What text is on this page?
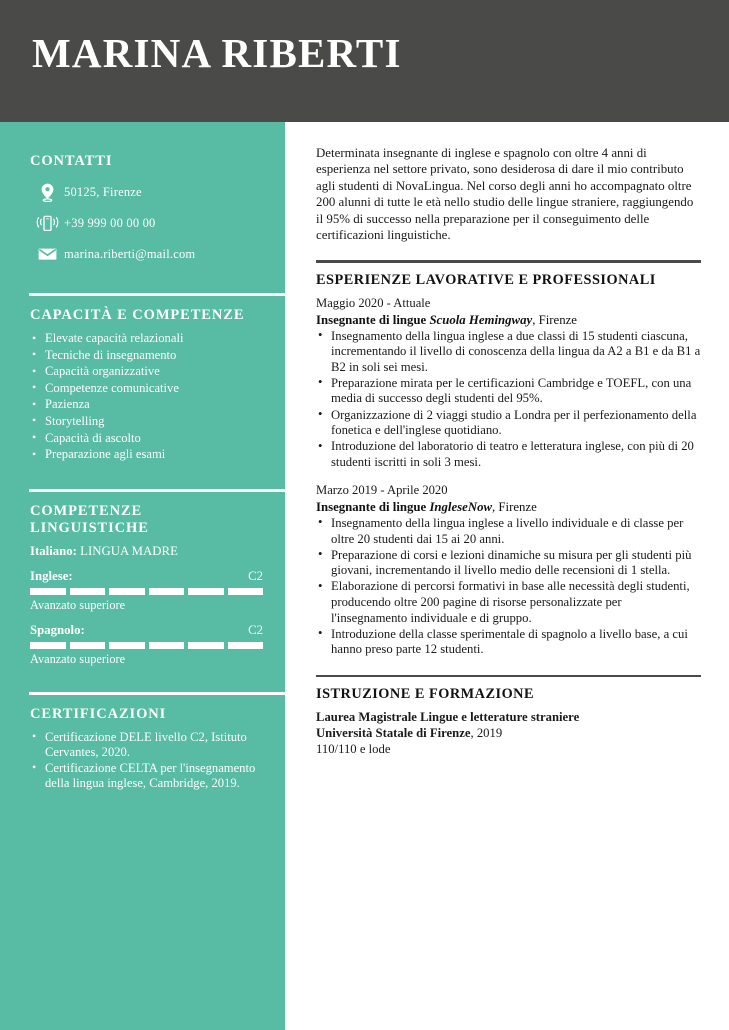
MARINA RIBERTI
CONTATTI
50125, Firenze
+39 999 00 00 00
marina.riberti@mail.com
CAPACITÀ E COMPETENZE
• Elevate capacità relazionali
• Tecniche di insegnamento
• Capacità organizzative
• Competenze comunicative
• Pazienza
• Storytelling
• Capacità di ascolto
• Preparazione agli esami
COMPETENZE LINGUISTICHE
Italiano: LINGUA MADRE
Inglese:	C2
Avanzato superiore
Spagnolo:	C2
Avanzato superiore
CERTIFICAZIONI
• Certificazione DELE livello C2, Istituto Cervantes, 2020.
• Certificazione CELTA per l'insegnamento della lingua inglese, Cambridge, 2019.

Determinata insegnante di inglese e spagnolo con oltre 4 anni di esperienza nel settore privato, sono desiderosa di dare il mio contributo agli studenti di NovaLingua. Nel corso degli anni ho accompagnato oltre 200 alunni di tutte le età nello studio delle lingue straniere, raggiungendo il 95% di successo nella preparazione per il conseguimento delle certificazioni linguistiche.

ESPERIENZE LAVORATIVE E PROFESSIONALI
Maggio 2020 - Attuale
Insegnante di lingue Scuola Hemingway, Firenze
• Insegnamento della lingua inglese a due classi di 15 studenti ciascuna, incrementando il livello di conoscenza della lingua da A2 a B1 e da B1 a B2 in soli sei mesi.
• Preparazione mirata per le certificazioni Cambridge e TOEFL, con una media di successo degli studenti del 95%.
• Organizzazione di 2 viaggi studio a Londra per il perfezionamento della fonetica e dell'inglese quotidiano.
• Introduzione del laboratorio di teatro e letteratura inglese, con più di 20 studenti iscritti in soli 3 mesi.
Marzo 2019 - Aprile 2020
Insegnante di lingue IngleseNow, Firenze
• Insegnamento della lingua inglese a livello individuale e di classe per oltre 20 studenti dai 15 ai 20 anni.
• Preparazione di corsi e lezioni dinamiche su misura per gli studenti più giovani, incrementando il livello medio delle recensioni di 1 stella.
• Elaborazione di percorsi formativi in base alle necessità degli studenti, producendo oltre 200 pagine di risorse personalizzate per l'insegnamento individuale e di gruppo.
• Introduzione della classe sperimentale di spagnolo a livello base, a cui hanno preso parte 12 studenti.
ISTRUZIONE E FORMAZIONE
Laurea Magistrale Lingue e letterature straniere
Università Statale di Firenze, 2019
110/110 e lode
